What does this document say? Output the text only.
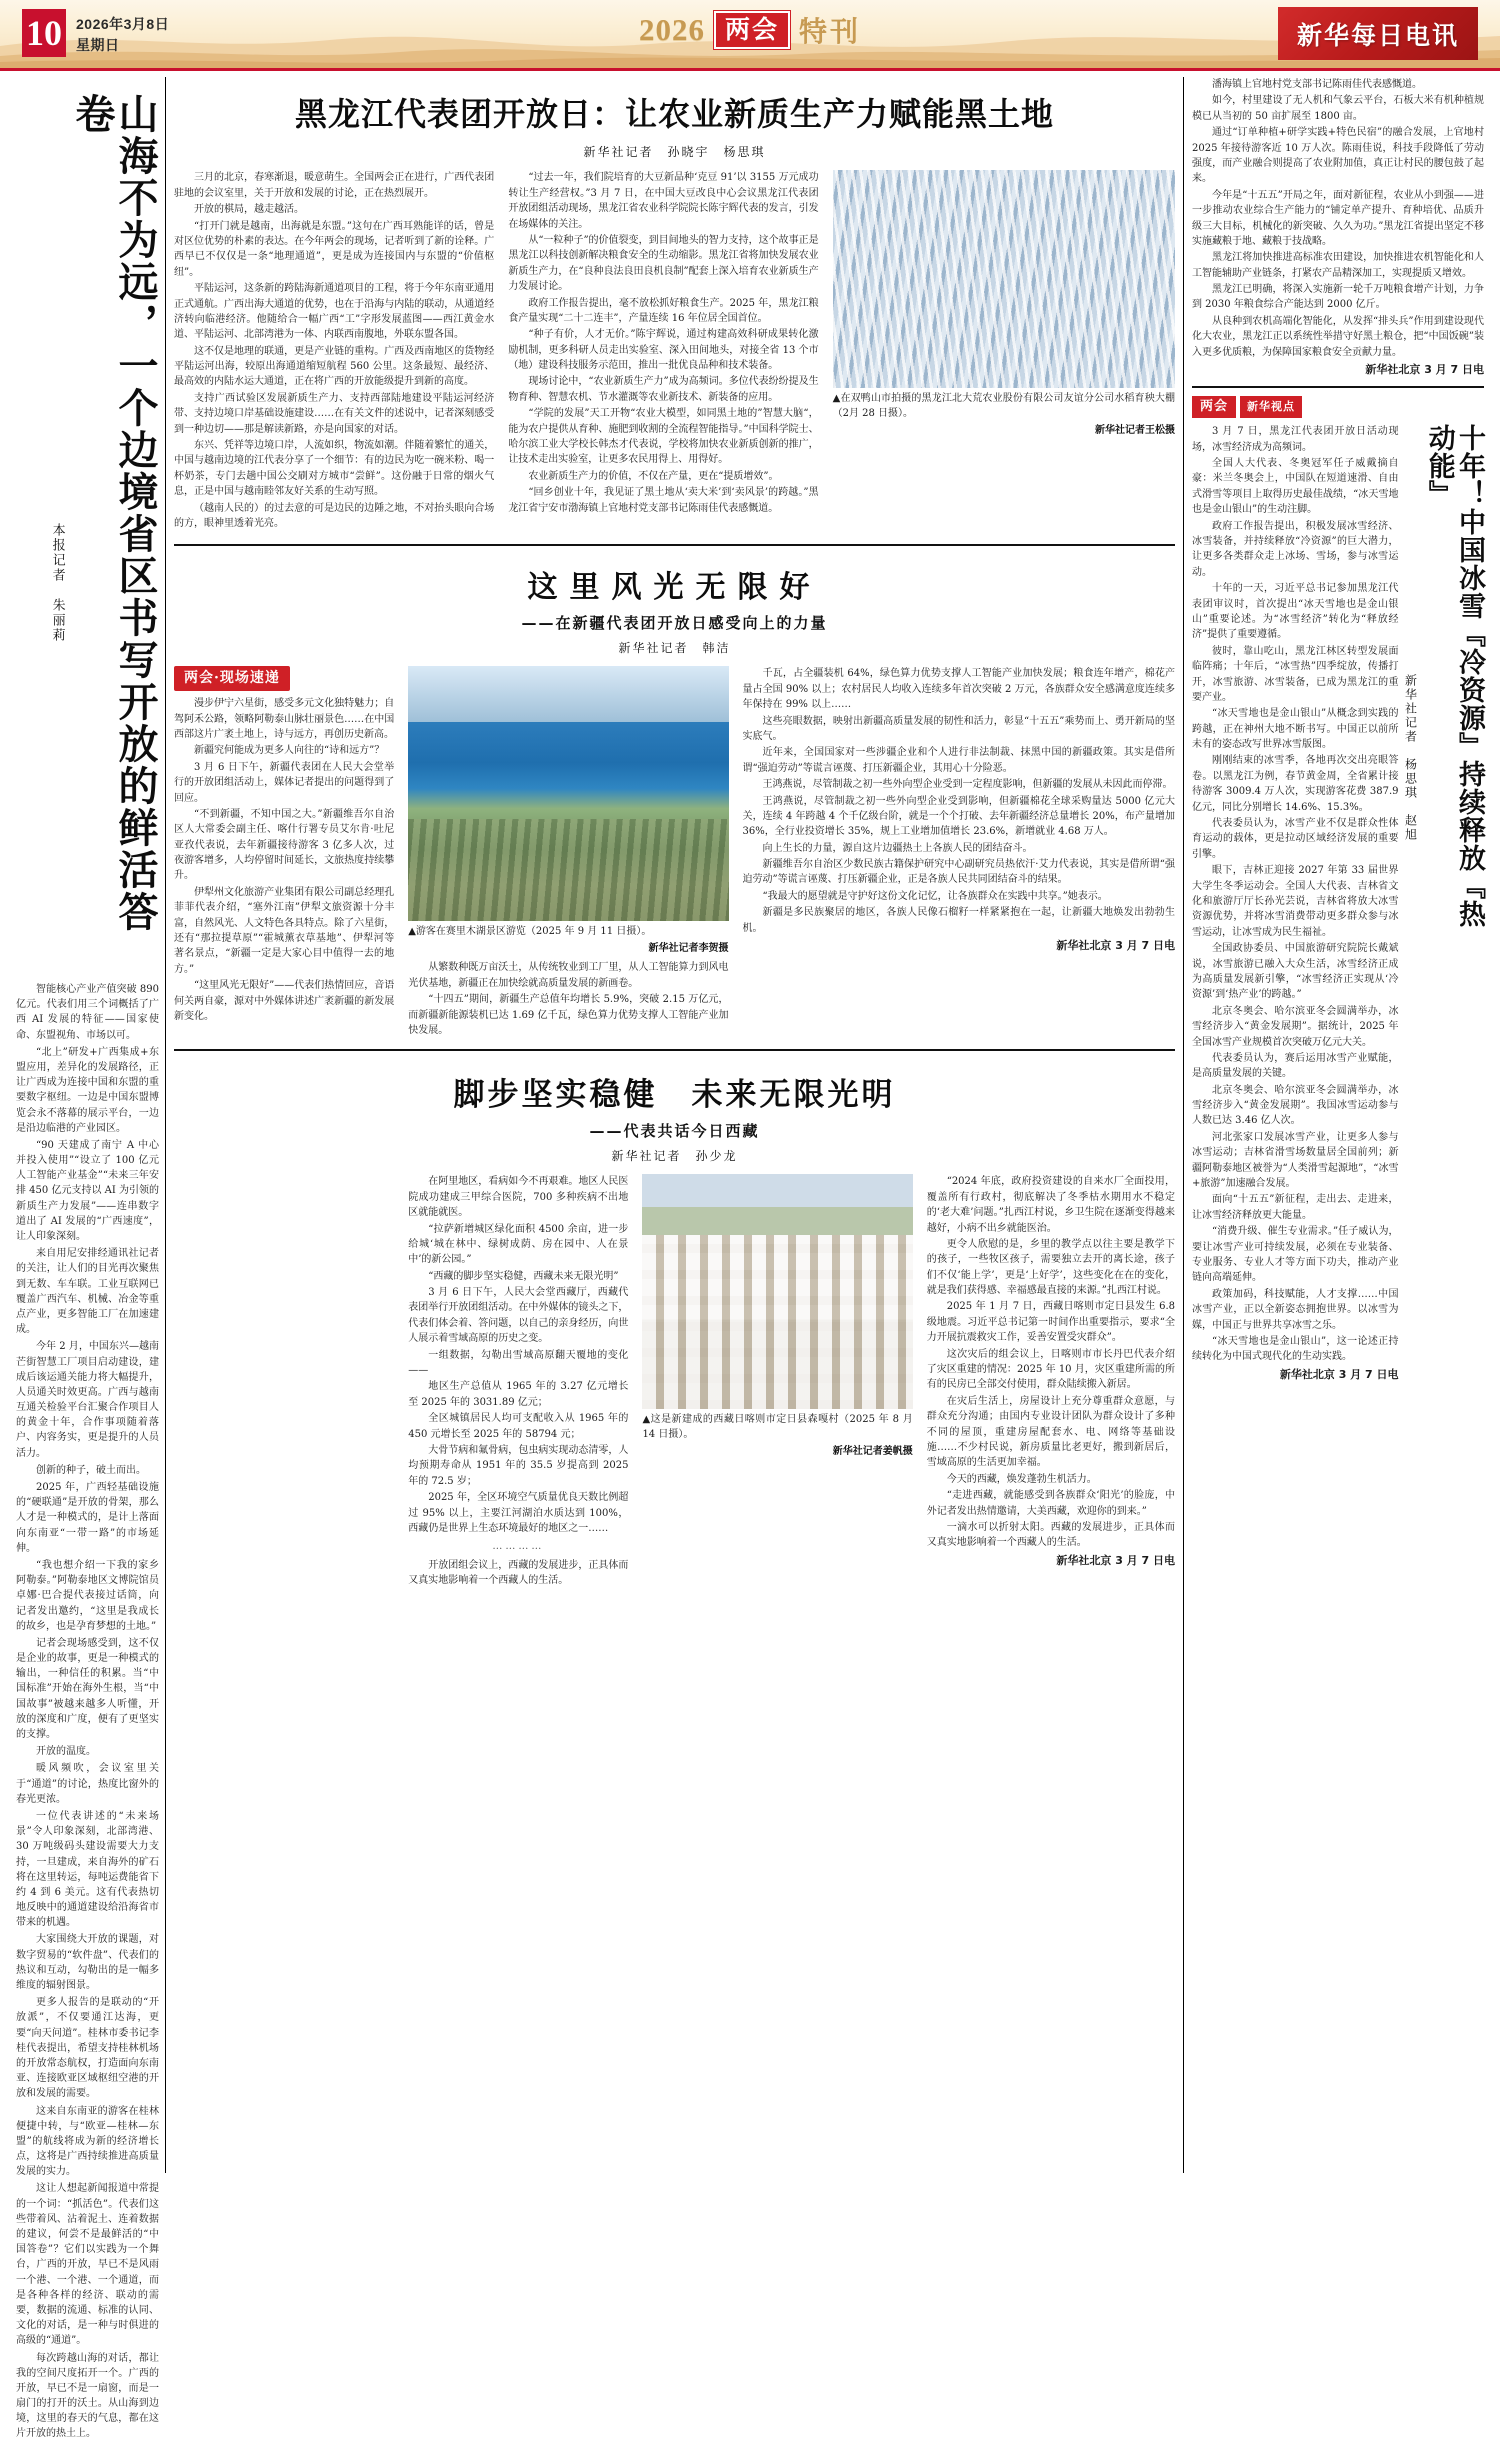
10 2026年3月8日
星期日	2026 两会 特刊	新华每日电讯
山海不为远，一个边境省区书写开放的鲜活答卷
本报记者　朱丽莉

智能核心产业产值突破 890 亿元。代表们用三个词概括了广西 AI 发展的特征——国家使命、东盟视角、市场以可。

“北上”研发+广西集成+东盟应用，差异化的发展路径，正让广西成为连接中国和东盟的重要数字枢纽。一边是中国东盟博览会永不落幕的展示平台，一边是沿边临港的产业园区。

“90 天建成了南宁 A 中心并投入使用”“设立了 100 亿元人工智能产业基金”“未来三年安排 450 亿元支持以 AI 为引领的新质生产力发展”——连串数字道出了 AI 发展的“广西速度”，让人印象深刻。

来自用尼安排经通讯社记者的关注，让人们的目光再次聚焦到无数、车车联。工业互联网已覆盖广西汽车、机械、冶金等重点产业，更多智能工厂在加速建成。

今年 2 月，中国东兴—越南芒街智慧工厂项目启动建设，建成后该运通关能力将大幅提升，人员通关时效更高。广西与越南互通关检验平台汇聚合作项目人的黄金十年，合作事项随着落户、内容务实，更是提升的人员活力。

创新的种子，破土而出。

2025 年，广西轻基础设施的“硬联通”是开放的骨架，那么人才是一种模式的，是计上落面向东南亚“一带一路”的市场延伸。

“我也想介绍一下我的家乡阿勒泰。”阿勒泰地区文博院馆员卓娜·巴合提代表接过话筒，向记者发出邀约，“这里是我成长的故乡，也是孕育梦想的土地。”

记者会现场感受到，这不仅是企业的故事，更是一种模式的输出，一种信任的积累。当“中国标准”开始在海外生根，当“中国故事”被越来越多人听懂，开放的深度和广度，便有了更坚实的支撑。

开放的温度。

暖风频吹，会议室里关于“通道”的讨论，热度比窗外的春光更浓。

一位代表讲述的“未来场景”令人印象深刻，北部湾港、30 万吨级码头建设需要大力支持，一旦建成，来自海外的矿石将在这里转运，每吨运费能省下约 4 到 6 美元。这有代表热切地反映中的通道建设给沿海省市带来的机遇。

大家围绕大开放的课题，对数字贸易的“软件盘”、代表们的热议和互动，勾勒出的是一幅多维度的辐射图景。

更多人报告的是联动的“开放派”，不仅要通江达海，更要“向天问道”。桂林市委书记李桂代表提出，希望支持桂林机场的开放常态航权，打造面向东南亚、连接欧亚区域枢纽空港的开放和发展的需要。

这来自东南亚的游客在桂林便捷中转，与“欧亚—桂林—东盟”的航线将成为新的经济增长点，这将是广西持续推进高质量发展的实力。

这让人想起新闻报道中常提的一个词：“抓活色”。代表们这些带着风、沾着泥土、连着数据的建议，何尝不是最鲜活的“中国答卷”？它们以实践为一个舞台，广西的开放，早已不是风雨一个港、一个港、一个通道，而是各种各样的经济、联动的需要，数据的流通、标准的认同、文化的对话，是一种与时俱进的高级的“通道”。

每次跨越山海的对话，都让我的空间尺度拓开一个。广西的开放，早已不是一扇窗，而是一扇门的打开的沃土。从山海到边境，这里的春天的气息，都在这片开放的热土上。

黑龙江代表团开放日：让农业新质生产力赋能黑土地
新华社记者　孙晓宇　杨思琪

三月的北京，春寒渐退，暖意萌生。全国两会正在进行，广西代表团驻地的会议室里，关于开放和发展的讨论，正在热烈展开。

开放的棋局，越走越活。

“打开门就是越南，出海就是东盟。”这句在广西耳熟能详的话，曾是对区位优势的朴素的表达。在今年两会的现场，记者听到了新的诠释。广西早已不仅仅是一条“地理通道”，更是成为连接国内与东盟的“价值枢纽”。

平陆运河，这条新的跨陆海新通道项目的工程，将于今年东南亚通用正式通航。广西出海大通道的优势，也在于沿海与内陆的联动，从通道经济转向临港经济。他随给合一幅广西“工”字形发展蓝图——西江黄金水道、平陆运河、北部湾港为一体、内联西南腹地，外联东盟各国。

这不仅是地理的联通，更是产业链的重构。广西及西南地区的货物经平陆运河出海，较原出海通道缩短航程 560 公里。这条最短、最经济、最高效的内陆水运大通道，正在将广西的开放能级提升到新的高度。

支持广西试验区发展新质生产力、支持西部陆地建设平陆运河经济带、支持边境口岸基础设施建设……在有关文件的述说中，记者深刻感受到一种边切——那是解读新路，亦是向国家的对话。

东兴、凭祥等边境口岸，人流如织，物流如潮。伴随着繁忙的通关，中国与越南边境的江代表分享了一个细节：有的边民为吃一碗米粉、喝一杯奶茶，专门去趟中国公交刷对方城市“尝鲜”。这份融于日常的烟火气息，正是中国与越南睦邻友好关系的生动写照。

（越南人民的）的过去意的可是边民的边陲之地，不对抬头眼向合场的方，眼神里透着光亮。

“过去一年，我们院培育的大豆新品种‘克豆 91’以 3155 万元成功转让生产经营权。”3 月 7 日，在中国大豆改良中心会议黑龙江代表团开放团组活动现场，黑龙江省农业科学院院长陈宇辉代表的发言，引发在场媒体的关注。

从“一粒种子”的价值裂变，到目间地头的智力支持，这个故事正是黑龙江以科技创新解决粮食安全的生动缩影。黑龙江省将加快发展农业新质生产力，在“良种良法良田良机良制”配套上深入培育农业新质生产力发展讨论。

政府工作报告提出，毫不放松抓好粮食生产。2025 年，黑龙江粮食产量实现“二十二连丰”，产量连续 16 年位居全国首位。

“种子有价，人才无价。”陈宇辉说，通过构建高效科研成果转化激励机制，更多科研人员走出实验室、深入田间地头，对接全省 13 个市（地）建设科技服务示范田，推出一批优良品种和技术装备。

现场讨论中，“农业新质生产力”成为高频词。多位代表纷纷提及生物育种、智慧农机、节水灌溉等农业新技术、新装备的应用。

“学院的发展”天工开物“农业大模型，如同黑土地的”智慧大脑“，能为农户提供从育种、施肥到收割的全流程智能指导。”中国科学院士、哈尔滨工业大学校长韩杰才代表说，学校将加快农业新质创新的推广，让技术走出实验室，让更多农民用得上、用得好。

农业新质生产力的价值，不仅在产量，更在“提质增效”。

“回乡创业十年，我见证了黑土地从‘卖大米’到‘卖风景’的跨越。”黑龙江省宁安市渤海镇上官地村党支部书记陈雨佳代表感慨道。

▲在双鸭山市拍摄的黑龙江北大荒农业股份有限公司友谊分公司水稻育秧大棚（2月 28 日摄）。
新华社记者王松摄
这里风光无限好
——在新疆代表团开放日感受向上的力量
新华社记者　韩洁
两会·现场速递

漫步伊宁六星街，感受多元文化独特魅力；自驾阿禾公路，领略阿勒泰山脉壮丽景色……在中国西部这片广袤土地上，诗与远方，再创历史新高。

新疆究何能成为更多人向往的“诗和远方”？

3 月 6 日下午，新疆代表团在人民大会堂举行的开放团组活动上，媒体记者提出的问题得到了回应。

“不到新疆，不知中国之大。”新疆维吾尔自治区人大常委会副主任、喀什行署专员艾尔肯·吐尼亚孜代表说，去年新疆接待游客 3 亿多人次，过夜游客增多，人均停留时间延长，文旅热度持续攀升。

伊犁州文化旅游产业集团有限公司副总经理孔菲菲代表介绍，“塞外江南”伊犁文旅资源十分丰富，自然风光、人文特色各具特点。除了六星街，还有“那拉提草原”“霍城薰衣草基地”、伊犁河等著名景点，“新疆一定是大家心目中值得一去的地方。”

“这里风光无限好”——代表们热情回应，音语何关两自豪，源对中外媒体讲述广袤新疆的新发展新变化。

▲游客在赛里木湖景区游览（2025 年 9 月 11 日摄）。
新华社记者李贺摄

从繁数种既万亩沃土，从传统牧业到工厂里，从人工智能算力到风电光伏基地，新疆正在加快绘就高质量发展的新画卷。

“十四五”期间，新疆生产总值年均增长 5.9%，突破 2.15 万亿元，而新疆新能源装机已达 1.69 亿千瓦，绿色算力优势支撑人工智能产业加快发展。

千瓦，占全疆装机 64%，绿色算力优势支撑人工智能产业加快发展；粮食连年增产，棉花产量占全国 90% 以上；农村居民人均收入连续多年首次突破 2 万元，各族群众安全感满意度连续多年保持在 99% 以上……

这些亮眼数据，映射出新疆高质量发展的韧性和活力，彰显“十五五”乘势而上、勇开新局的坚实底气。

近年来，全国国家对一些涉疆企业和个人进行非法制裁、抹黑中国的新疆政策。其实是借所谓“强迫劳动”等谎言诬蔑、打压新疆企业，其用心十分险恶。

王鸿燕说，尽管制裁之初一些外向型企业受到一定程度影响，但新疆的发展从未因此而停滞。

王鸿燕说，尽管制裁之初一些外向型企业受到影响，但新疆棉花全球采购量达 5000 亿元大关，连续 4 年跨越 4 个千亿级台阶，就是一个个打破、去年新疆经济总量增长 20%，布产量增加 36%，全行业投资增长 35%，规上工业增加值增长 23.6%，新增就业 4.68 万人。

向上生长的力量，源自这片边疆热土上各族人民的团结奋斗。

新疆维吾尔自治区少数民族古籍保护研究中心副研究员热依汗·艾力代表说，其实是借所谓“强迫劳动”等谎言诬蔑、打压新疆企业，正是各族人民共同团结奋斗的结果。

“我最大的愿望就是守护好这份文化记忆，让各族群众在实践中共享。”她表示。

新疆是多民族聚居的地区，各族人民像石榴籽一样紧紧抱在一起，让新疆大地焕发出勃勃生机。

新华社北京 3 月 7 日电
脚步坚实稳健　未来无限光明
——代表共话今日西藏
新华社记者　孙少龙

在阿里地区，看病如今不再艰难。地区人民医院成功建成三甲综合医院，700 多种疾病不出地区就能就医。

“拉萨新增城区绿化面积 4500 余亩，进一步给城‘城在林中、绿树成荫、房在园中、人在景中’的新公园。”

“西藏的脚步坚实稳健，西藏未来无限光明”

3 月 6 日下午，人民大会堂西藏厅，西藏代表团举行开放团组活动。在中外媒体的镜头之下，代表们体会着、答问题，以自己的亲身经历，向世人展示着雪域高原的历史之变。

一组数据，勾勒出雪域高原翻天覆地的变化——

地区生产总值从 1965 年的 3.27 亿元增长至 2025 年的 3031.89 亿元；

全区城镇居民人均可支配收入从 1965 年的 450 元增长至 2025 年的 58794 元；

大骨节病和氟骨病，包虫病实现动态清零，人均预期寿命从 1951 年的 35.5 岁提高到 2025 年的 72.5 岁；

2025 年，全区环境空气质量优良天数比例超过 95% 以上，主要江河湖泊水质达到 100%，西藏仍是世界上生态环境最好的地区之一……

…………

开放团组会议上，西藏的发展进步，正具体而又真实地影响着一个西藏人的生活。

▲这是新建成的西藏日喀则市定日县森嘎村（2025 年 8 月 14 日摄）。
新华社记者姜帆摄

“2024 年底，政府投资建设的自来水厂全面投用，覆盖所有行政村，彻底解决了冬季枯水期用水不稳定的‘老大难’问题。”扎西江村说，乡卫生院在逐渐变得越来越好，小病不出乡就能医治。

更令人欣慰的是，乡里的教学点以往主要是教学下的孩子，一些牧区孩子，需要独立去开的离长途，孩子们不仅‘能上学’，更是‘上好学’，这些变化在在的变化，就是我们获得感、幸福感最直接的来源。”扎西江村说。

2025 年 1 月 7 日，西藏日喀则市定日县发生 6.8 级地震。习近平总书记第一时间作出重要指示，要求“全力开展抗震救灾工作，妥善安置受灾群众”。

这次灾后的组会议上，日喀则市市长丹巴代表介绍了灾区重建的情况：2025 年 10 月，灾区重建所需的所有的民房已全部交付使用，群众陆续搬入新居。

在灾后生活上，房屋设计上充分尊重群众意愿，与群众充分沟通；由国内专业设计团队为群众设计了多种不同的屋顶，重建房屋配套水、电、网络等基础设施……不少村民说，新房质量比老更好，搬到新居后，雪域高原的生活更加幸福。

今天的西藏，焕发蓬勃生机活力。

“走进西藏，就能感受到各族群众‘阳光’的脸庞，中外记者发出热情邀请，大美西藏，欢迎你的到来。”

一滴水可以折射太阳。西藏的发展进步，正具体而又真实地影响着一个西藏人的生活。

新华社北京 3 月 7 日电

潘海镇上官地村党支部书记陈雨佳代表感慨道。

如今，村里建设了无人机和气象云平台，石板大米有机种植规模已从当初的 50 亩扩展至 1800 亩。

通过“订单种植+研学实践+特色民宿”的融合发展，上官地村 2025 年接待游客近 10 万人次。陈雨佳说，科技手段降低了劳动强度，而产业融合则提高了农业附加值，真正让村民的腰包鼓了起来。

今年是“十五五”开局之年，面对新征程，农业从小到强——进一步推动农业综合生产能力的“铺定单产提升、育种培优、品质升级三大目标，机械化的新突破、久久为功。”黑龙江省提出坚定不移实施藏粮于地、藏粮于技战略。

黑龙江将加快推进高标准农田建设，加快推进农机智能化和人工智能辅助产业链条，打紧农产品精深加工，实现提质又增效。

黑龙江已明确，将深入实施新一轮千万吨粮食增产计划，力争到 2030 年粮食综合产能达到 2000 亿斤。

从良种到农机高端化智能化，从发挥“排头兵”作用到建设现代化大农业，黑龙江正以系统性举措守好黑土粮仓，把“中国饭碗”装入更多优质粮，为保障国家粮食安全贡献力量。

新华社北京 3 月 7 日电
两会	新华视点
十年！中国冰雪『冷资源』持续释放『热动能』
新华社记者　杨思琪　赵旭

3 月 7 日，黑龙江代表团开放日活动现场，冰雪经济成为高频词。

全国人大代表、冬奥冠军任子威戴摘自豪：米兰冬奥会上，中国队在短道速滑、自由式滑雪等项目上取得历史最佳战绩，“冰天雪地也是金山银山”的生动注脚。

政府工作报告提出，积极发展冰雪经济、冰雪装备，并持续释放“冷资源”的巨大潜力，让更多各类群众走上冰场、雪场，参与冰雪运动。

十年的一天，习近平总书记参加黑龙江代表团审议时，首次提出“冰天雪地也是金山银山”重要论述。为“冰雪经济”转化为“释放经济”提供了重要遵循。

彼时，靠山吃山，黑龙江林区转型发展面临阵痛；十年后，“冰雪热”四季绽放，传播打开，冰雪旅游、冰雪装备，已成为黑龙江的重要产业。

“冰天雪地也是金山银山”从概念到实践的跨越，正在神州大地不断书写。中国正以前所未有的姿态改写世界冰雪版图。

刚刚结束的冰雪季，各地再次交出亮眼答卷。以黑龙江为例，春节黄金周，全省累计接待游客 3009.4 万人次，实现游客花费 387.9 亿元，同比分别增长 14.6%、15.3%。

代表委员认为，冰雪产业不仅是群众性体育运动的载体，更是拉动区域经济发展的重要引擎。

眼下，吉林正迎接 2027 年第 33 届世界大学生冬季运动会。全国人大代表、吉林省文化和旅游厅厅长孙光芸说，吉林省将放大冰雪资源优势，并将冰雪消费带动更多群众参与冰雪运动，让冰雪成为民生福祉。

全国政协委员、中国旅游研究院院长戴斌说，冰雪旅游已融入大众生活，冰雪经济正成为高质量发展新引擎，“冰雪经济正实现从‘冷资源’到‘热产业’的跨越。”

北京冬奥会、哈尔滨亚冬会圆满举办，冰雪经济步入“黄金发展期”。据统计，2025 年全国冰雪产业规模首次突破万亿元大关。

代表委员认为，赛后运用冰雪产业赋能，是高质量发展的关键。

北京冬奥会、哈尔滨亚冬会圆满举办，冰雪经济步入“黄金发展期”。我国冰雪运动参与人数已达 3.46 亿人次。

河北张家口发展冰雪产业，让更多人参与冰雪运动；吉林省滑雪场数量居全国前列；新疆阿勒泰地区被誉为“人类滑雪起源地”，“冰雪+旅游”加速融合发展。

面向“十五五”新征程，走出去、走进来，让冰雪经济释放更大能量。

“消费升级、催生专业需求。”任子威认为，要让冰雪产业可持续发展，必须在专业装备、专业服务、专业人才等方面下功夫，推动产业链向高端延伸。

政策加码，科技赋能，人才支撑……中国冰雪产业，正以全新姿态拥抱世界。以冰雪为媒，中国正与世界共享冰雪之乐。

“冰天雪地也是金山银山”，这一论述正持续转化为中国式现代化的生动实践。

新华社北京 3 月 7 日电
